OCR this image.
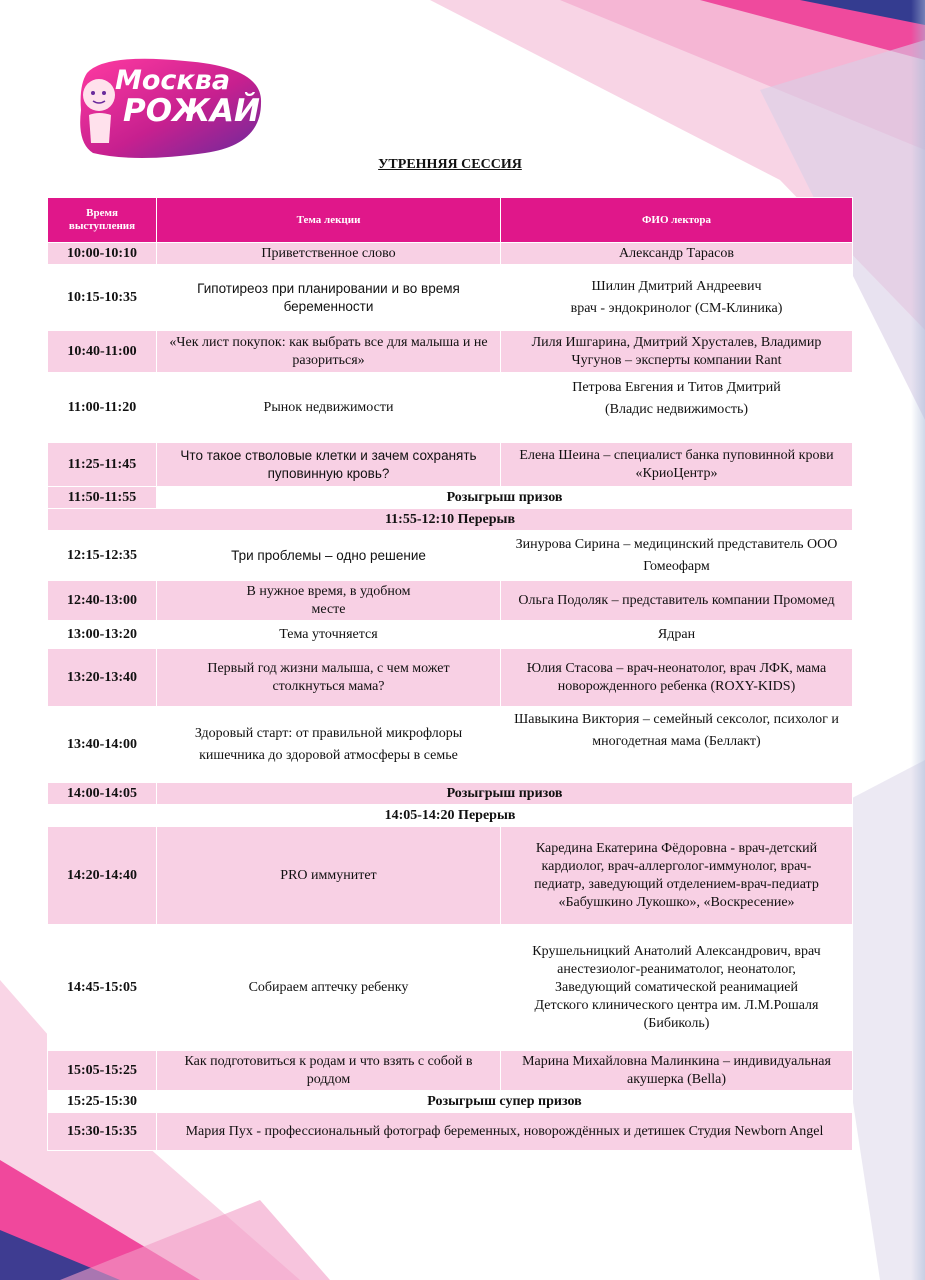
Москва
РОЖАЙ
УТРЕННЯЯ СЕССИЯ
Время выступления	Тема лекции	ФИО лектора
10:00-10:10	Приветственное слово	Александр Тарасов
10:15-10:35	Гипотиреоз при планировании и во время беременности	Шилин Дмитрий Андреевич
врач - эндокринолог (СМ-Клиника)
10:40-11:00	«Чек лист покупок: как выбрать все для малыша и не разориться»	Лиля Ишгарина, Дмитрий Хрусталев, Владимир Чугунов – эксперты компании Rant
11:00-11:20	Рынок недвижимости	Петрова Евгения и Титов Дмитрий
(Владис недвижимость)
11:25-11:45	Что такое стволовые клетки и зачем сохранять пуповинную кровь?	Елена Шеина – специалист банка пуповинной крови «КриоЦентр»
11:50-11:55	Розыгрыш призов	
11:55-12:10 Перерыв		
12:15-12:35	Три проблемы – одно решение	Зинурова Сирина – медицинский представитель ООО Гомеофарм
12:40-13:00	В нужное время, в удобном месте	Ольга Подоляк – представитель компании Промомед
13:00-13:20	Тема уточняется	Ядран
13:20-13:40	Первый год жизни малыша, с чем может столкнуться мама?	Юлия Стасова – врач-неонатолог, врач ЛФК, мама новорожденного ребенка (ROXY-KIDS)
13:40-14:00	Здоровый старт: от правильной микрофлоры кишечника до здоровой атмосферы в семье	Шавыкина Виктория – семейный сексолог, психолог и многодетная мама (Беллакт)
14:00-14:05	Розыгрыш призов	
14:05-14:20 Перерыв		
14:20-14:40	PRO иммунитет	Карединa Екатерина Фёдоровна - врач-детский кардиолог, врач-аллерголог-иммунолог, врач-педиатр, заведующий отделением-врач-педиатр «Бабушкино Лукошко», «Воскресение»
14:45-15:05	Собираем аптечку ребенку	Крушельницкий Анатолий Александрович, врач анестезиолог-реаниматолог, неонатолог, Заведующий соматической реанимацией Детского клинического центра им. Л.М.Рошаля (Бибиколь)
15:05-15:25	Как подготовиться к родам и что взять с собой в роддом	Марина Михайловна Малинкина – индивидуальная акушерка (Bella)
15:25-15:30	Розыгрыш супер призов	
15:30-15:35	Мария Пух - профессиональный фотограф беременных, новорождённых и детишек Студия Newborn Angel	
